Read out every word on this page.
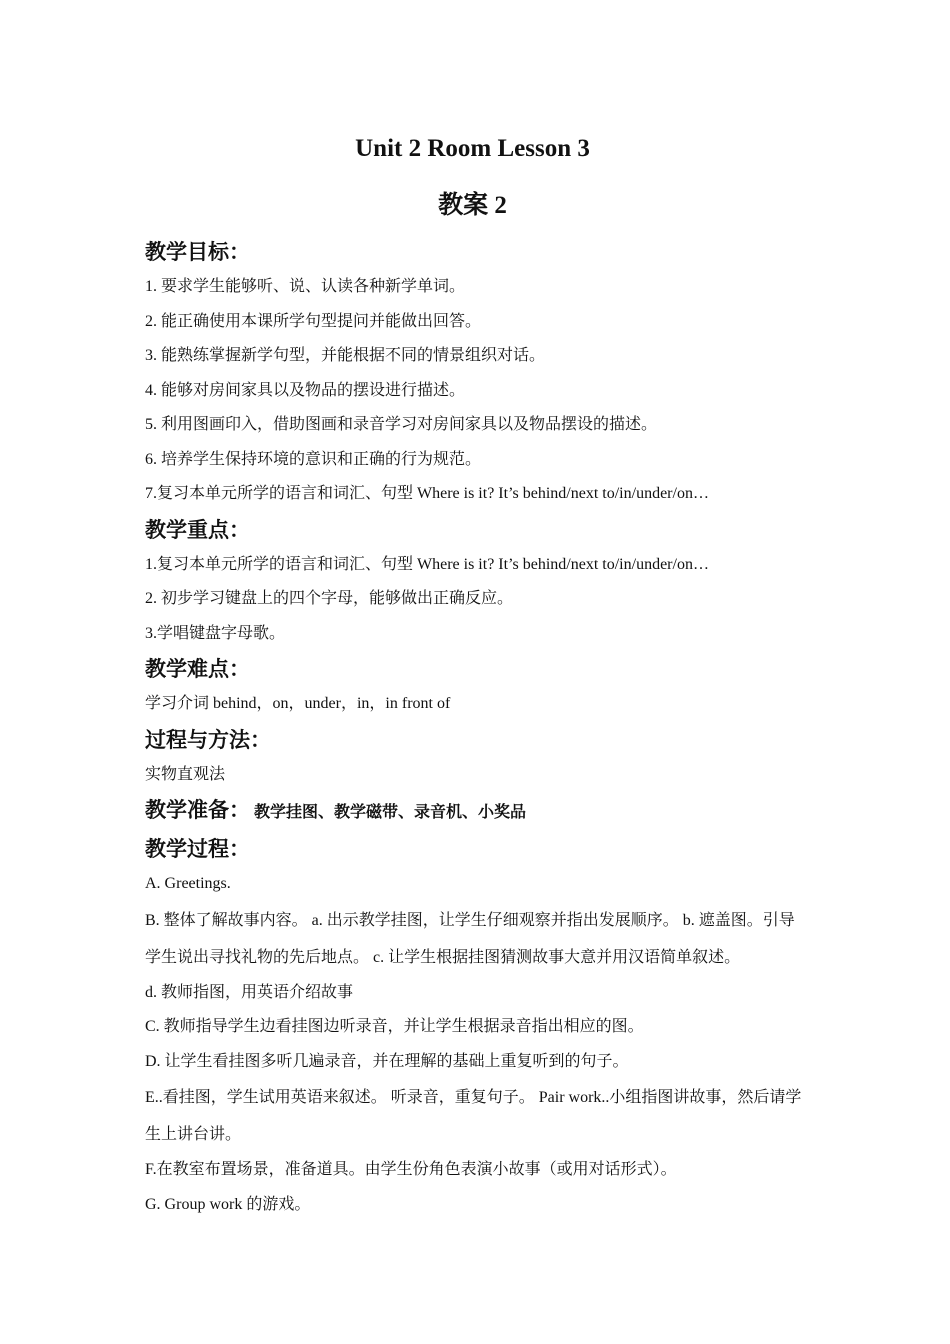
Unit 2 Room Lesson 3
教案 2
教学目标：
1. 要求学生能够听、说、认读各种新学单词。
2. 能正确使用本课所学句型提问并能做出回答。
3. 能熟练掌握新学句型，并能根据不同的情景组织对话。
4. 能够对房间家具以及物品的摆设进行描述。
5. 利用图画印入，借助图画和录音学习对房间家具以及物品摆设的描述。
6. 培养学生保持环境的意识和正确的行为规范。
7.复习本单元所学的语言和词汇、句型 Where is it? It’s behind/next to/in/under/on…
教学重点：
1.复习本单元所学的语言和词汇、句型 Where is it? It’s behind/next to/in/under/on…
2. 初步学习键盘上的四个字母，能够做出正确反应。
3.学唱键盘字母歌。
教学难点：
学习介词 behind，on，under，in，in front of
过程与方法：
实物直观法
教学准备： 教学挂图、教学磁带、录音机、小奖品
教学过程：
A. Greetings.
B. 整体了解故事内容。 a. 出示教学挂图，让学生仔细观察并指出发展顺序。 b. 遮盖图。引导学生说出寻找礼物的先后地点。 c. 让学生根据挂图猜测故事大意并用汉语简单叙述。
d. 教师指图，用英语介绍故事
C. 教师指导学生边看挂图边听录音，并让学生根据录音指出相应的图。
D. 让学生看挂图多听几遍录音，并在理解的基础上重复听到的句子。
E..看挂图，学生试用英语来叙述。 听录音，重复句子。 Pair work..小组指图讲故事，然后请学生上讲台讲。
F.在教室布置场景，准备道具。由学生份角色表演小故事（或用对话形式）。
G. Group work 的游戏。
